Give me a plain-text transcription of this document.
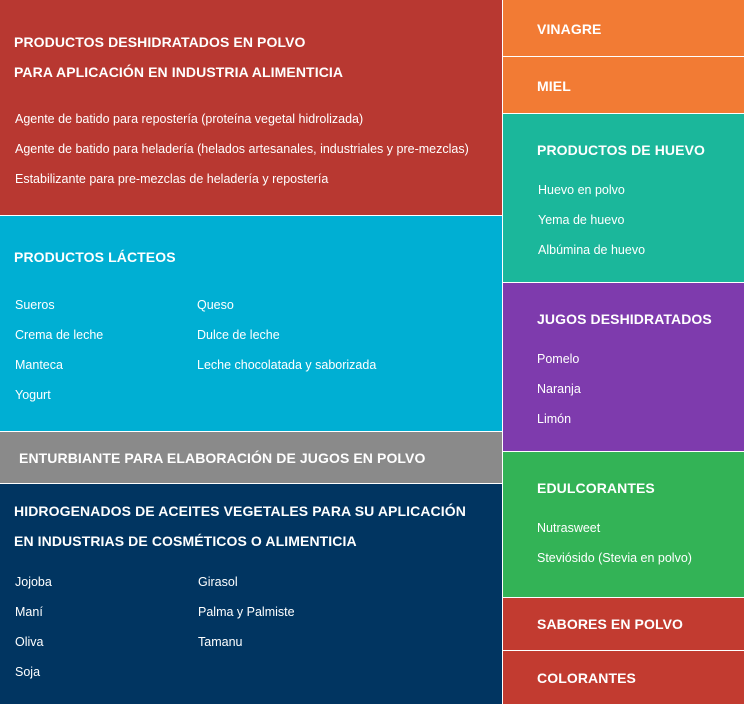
PRODUCTOS DESHIDRATADOS EN POLVO
PARA APLICACIÓN EN INDUSTRIA ALIMENTICIA
Agente de batido para repostería (proteína vegetal hidrolizada)
Agente de batido para heladería (helados artesanales, industriales y pre-mezclas)
Estabilizante para pre-mezclas de heladería y repostería
PRODUCTOS LÁCTEOS
Sueros
Crema de leche
Manteca
Yogurt
Queso
Dulce de leche
Leche chocolatada y saborizada
ENTURBIANTE PARA ELABORACIÓN DE JUGOS EN POLVO
HIDROGENADOS DE ACEITES VEGETALES PARA SU APLICACIÓN
EN INDUSTRIAS DE COSMÉTICOS O ALIMENTICIA
Jojoba
Maní
Oliva
Soja
Girasol
Palma y Palmiste
Tamanu
VINAGRE
MIEL
PRODUCTOS DE HUEVO
Huevo en polvo
Yema de huevo
Albúmina de huevo
JUGOS DESHIDRATADOS
Pomelo
Naranja
Limón
EDULCORANTES
Nutrasweet
Steviósido (Stevia en polvo)
SABORES EN POLVO
COLORANTES
